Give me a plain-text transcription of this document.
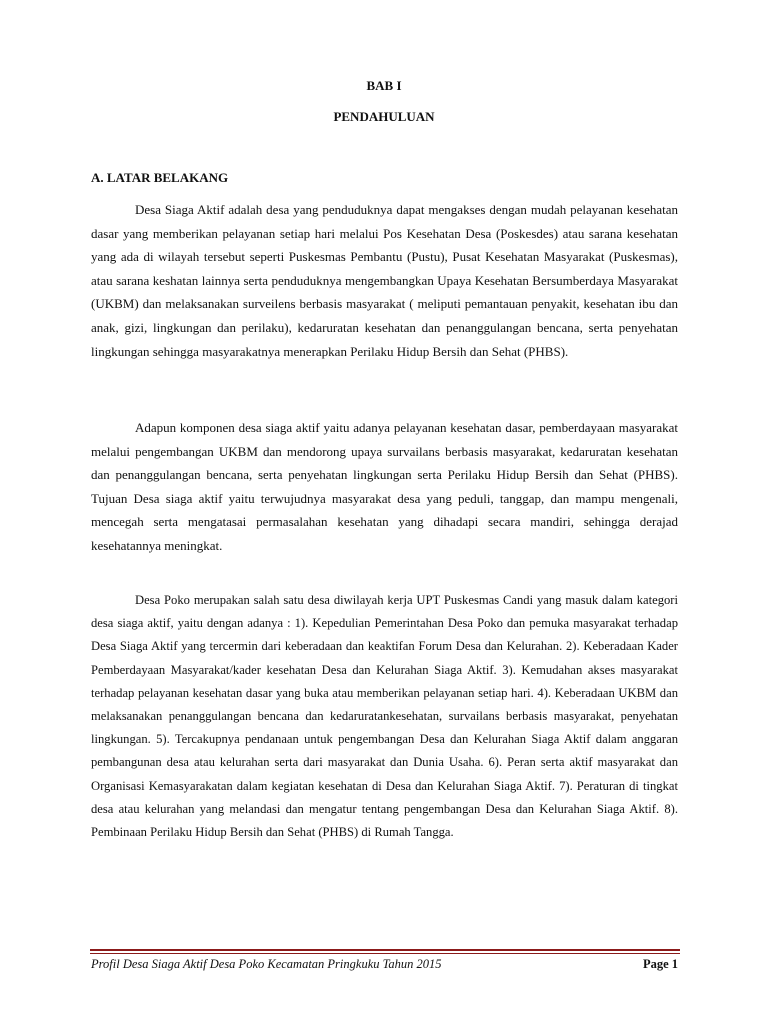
BAB I
PENDAHULUAN
A. LATAR BELAKANG

Desa Siaga Aktif adalah desa yang penduduknya dapat mengakses dengan mudah pelayanan kesehatan dasar yang memberikan pelayanan setiap hari melalui Pos Kesehatan Desa (Poskesdes) atau sarana kesehatan yang ada di wilayah tersebut seperti Puskesmas Pembantu (Pustu), Pusat Kesehatan Masyarakat (Puskesmas), atau sarana keshatan lainnya serta penduduknya mengembangkan Upaya Kesehatan Bersumberdaya Masyarakat (UKBM) dan melaksanakan surveilens berbasis masyarakat ( meliputi pemantauan penyakit, kesehatan ibu dan anak, gizi, lingkungan dan perilaku), kedaruratan kesehatan dan penanggulangan bencana, serta penyehatan lingkungan sehingga masyarakatnya menerapkan Perilaku Hidup Bersih dan Sehat (PHBS).

Adapun komponen desa siaga aktif yaitu adanya pelayanan kesehatan dasar, pemberdayaan masyarakat melalui pengembangan UKBM dan mendorong upaya survailans berbasis masyarakat, kedaruratan kesehatan dan penanggulangan bencana, serta penyehatan lingkungan serta Perilaku Hidup Bersih dan Sehat (PHBS). Tujuan Desa siaga aktif yaitu terwujudnya masyarakat desa yang peduli, tanggap, dan mampu mengenali, mencegah serta mengatasai permasalahan kesehatan yang dihadapi secara mandiri, sehingga derajad kesehatannya meningkat.

Desa Poko merupakan salah satu desa diwilayah kerja UPT Puskesmas Candi yang masuk dalam kategori desa siaga aktif, yaitu dengan adanya : 1). Kepedulian Pemerintahan Desa Poko dan pemuka masyarakat terhadap Desa Siaga Aktif yang tercermin dari keberadaan dan keaktifan Forum Desa dan Kelurahan. 2). Keberadaan Kader Pemberdayaan Masyarakat/kader kesehatan Desa dan Kelurahan Siaga Aktif. 3). Kemudahan akses masyarakat terhadap pelayanan kesehatan dasar yang buka atau memberikan pelayanan setiap hari. 4). Keberadaan UKBM dan melaksanakan penanggulangan bencana dan kedaruratankesehatan, survailans berbasis masyarakat, penyehatan lingkungan. 5). Tercakupnya pendanaan untuk pengembangan Desa dan Kelurahan Siaga Aktif dalam anggaran pembangunan desa atau kelurahan serta dari masyarakat dan Dunia Usaha. 6). Peran serta aktif masyarakat dan Organisasi Kemasyarakatan dalam kegiatan kesehatan di Desa dan Kelurahan Siaga Aktif. 7). Peraturan di tingkat desa atau kelurahan yang melandasi dan mengatur tentang pengembangan Desa dan Kelurahan Siaga Aktif. 8). Pembinaan Perilaku Hidup Bersih dan Sehat (PHBS) di Rumah Tangga.

Profil Desa Siaga Aktif Desa Poko Kecamatan Pringkuku Tahun 2015	Page 1
